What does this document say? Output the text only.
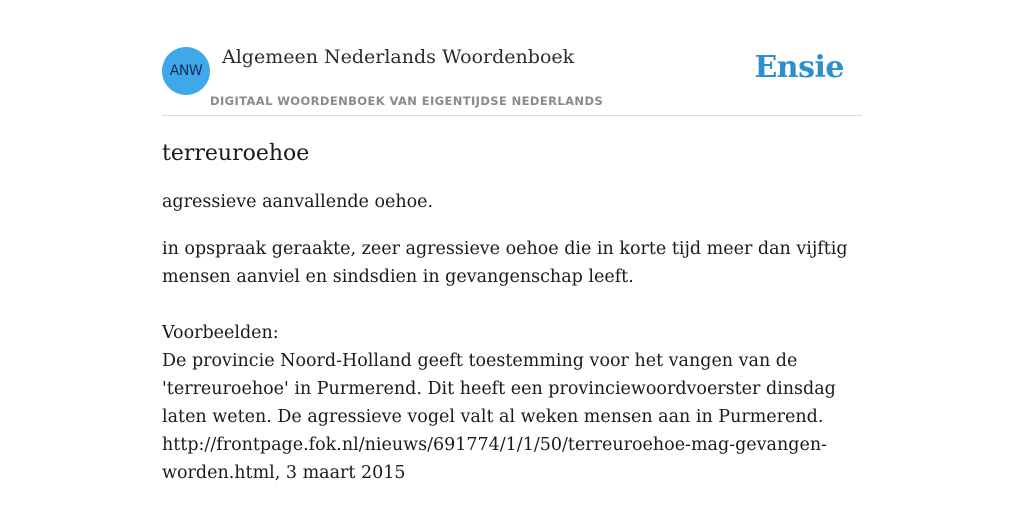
ANW
Algemeen Nederlands Woordenboek
DIGITAAL WOORDENBOEK VAN EIGENTIJDSE NEDERLANDS
Ensie
terreuroehoe
agressieve aanvallende oehoe.
in opspraak geraakte, zeer agressieve oehoe die in korte tijd meer dan vijftig mensen aanviel en sindsdien in gevangenschap leeft.
Voorbeelden:
De provincie Noord-Holland geeft toestemming voor het vangen van de 'terreuroehoe' in Purmerend. Dit heeft een provinciewoordvoerster dinsdag laten weten. De agressieve vogel valt al weken mensen aan in Purmerend.
http://frontpage.fok.nl/nieuws/691774/1/1/50/terreuroehoe-mag-gevangen-worden.html, 3 maart 2015
